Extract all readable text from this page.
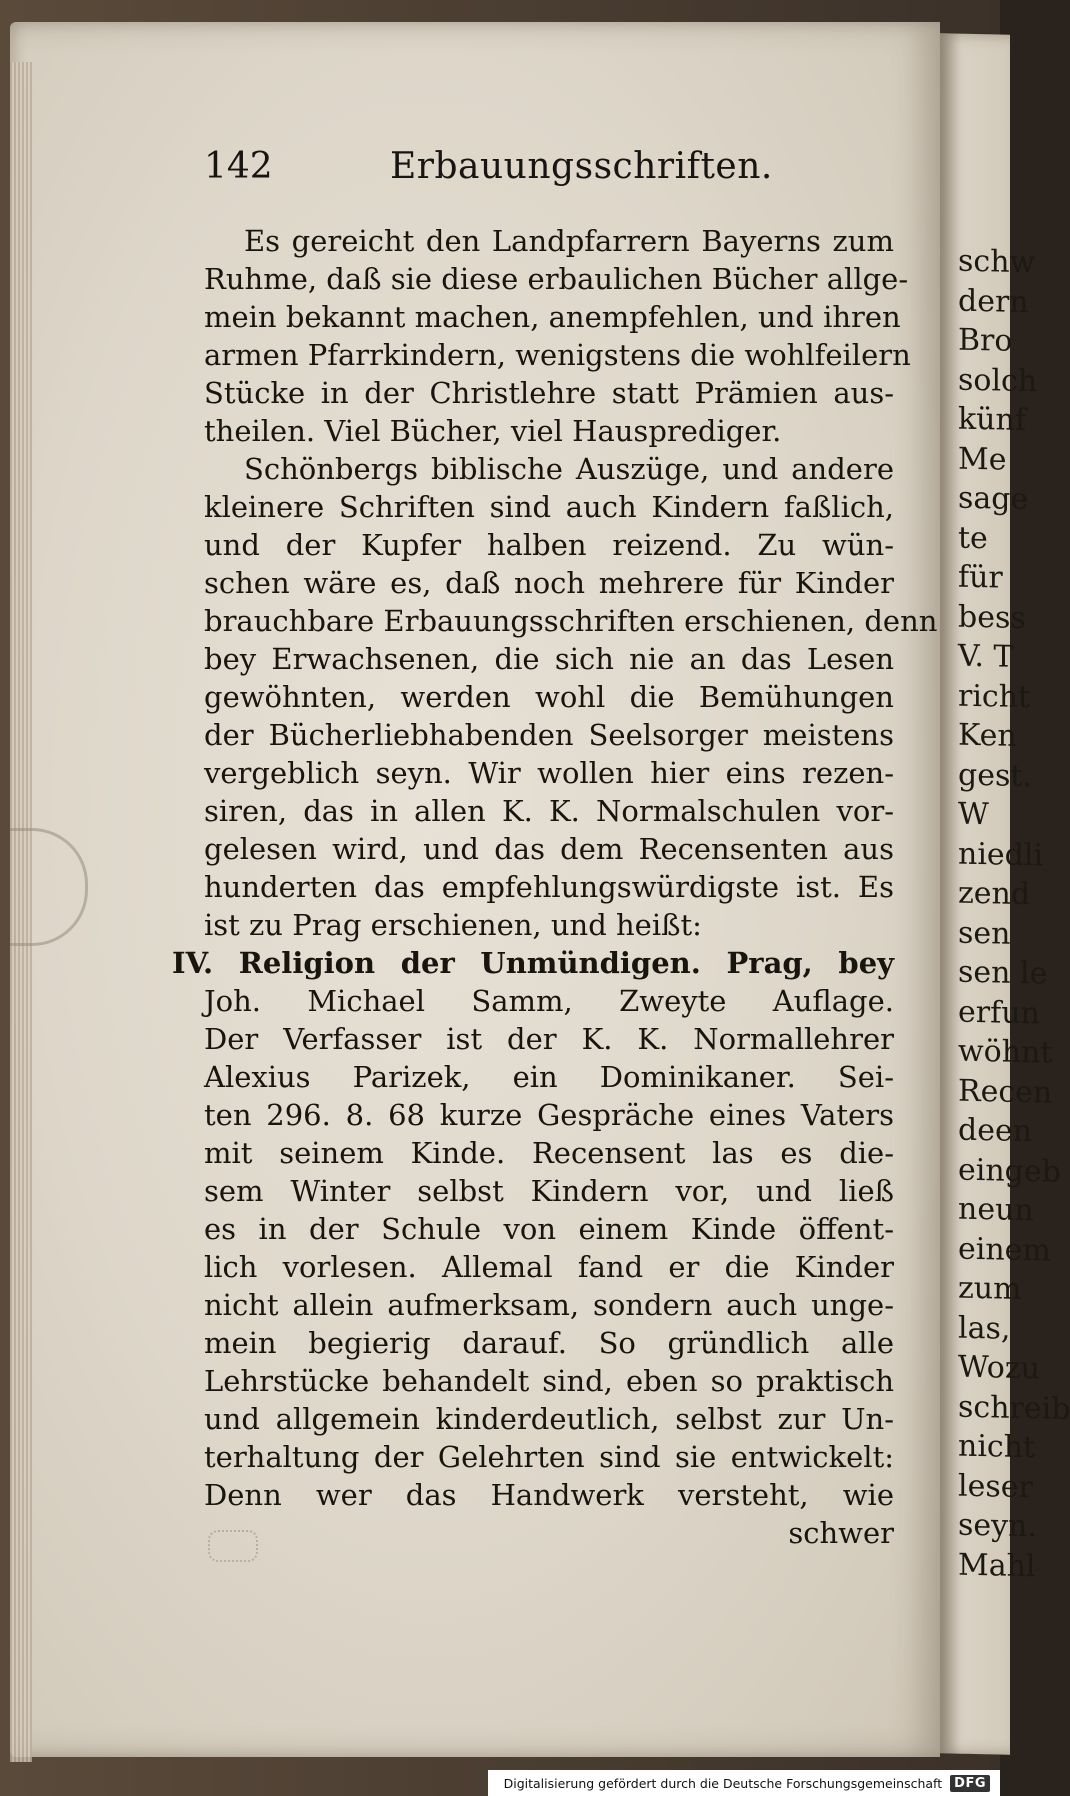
schw
dern
Bro
solch
künf
Me
sage
te
für
bess
V. T
richt
Ken
gest.
W
niedli
zend
sen
sen le
erfun
wöhnt
Recen
deen
eingeb
neun
einem
zum
las,
Wozu
schreib
nicht
leser
seyn.
Mahl
142	Erbauungsschriften.
Es gereicht den Landpfarrern Bayerns zum
Ruhme, daß sie diese erbaulichen Bücher allge-
mein bekannt machen, anempfehlen, und ihren
armen Pfarrkindern, wenigstens die wohlfeilern
Stücke in der Christlehre statt Prämien aus-
theilen. Viel Bücher, viel Hausprediger.
Schönbergs biblische Auszüge, und andere
kleinere Schriften sind auch Kindern faßlich,
und der Kupfer halben reizend. Zu wün-
schen wäre es, daß noch mehrere für Kinder
brauchbare Erbauungsschriften erschienen, denn
bey Erwachsenen, die sich nie an das Lesen
gewöhnten, werden wohl die Bemühungen
der Bücherliebhabenden Seelsorger meistens
vergeblich seyn. Wir wollen hier eins rezen-
siren, das in allen K. K. Normalschulen vor-
gelesen wird, und das dem Recensenten aus
hunderten das empfehlungswürdigste ist. Es
ist zu Prag erschienen, und heißt:
IV. Religion der Unmündigen. Prag, bey
Joh. Michael Samm, Zweyte Auflage.
Der Verfasser ist der K. K. Normallehrer
Alexius Parizek, ein Dominikaner. Sei-
ten 296. 8. 68 kurze Gespräche eines Vaters
mit seinem Kinde. Recensent las es die-
sem Winter selbst Kindern vor, und ließ
es in der Schule von einem Kinde öffent-
lich vorlesen. Allemal fand er die Kinder
nicht allein aufmerksam, sondern auch unge-
mein begierig darauf. So gründlich alle
Lehrstücke behandelt sind, eben so praktisch
und allgemein kinderdeutlich, selbst zur Un-
terhaltung der Gelehrten sind sie entwickelt:
Denn wer das Handwerk versteht, wie
schwer
Digitalisierung gefördert durch die Deutsche Forschungsgemeinschaft DFG
